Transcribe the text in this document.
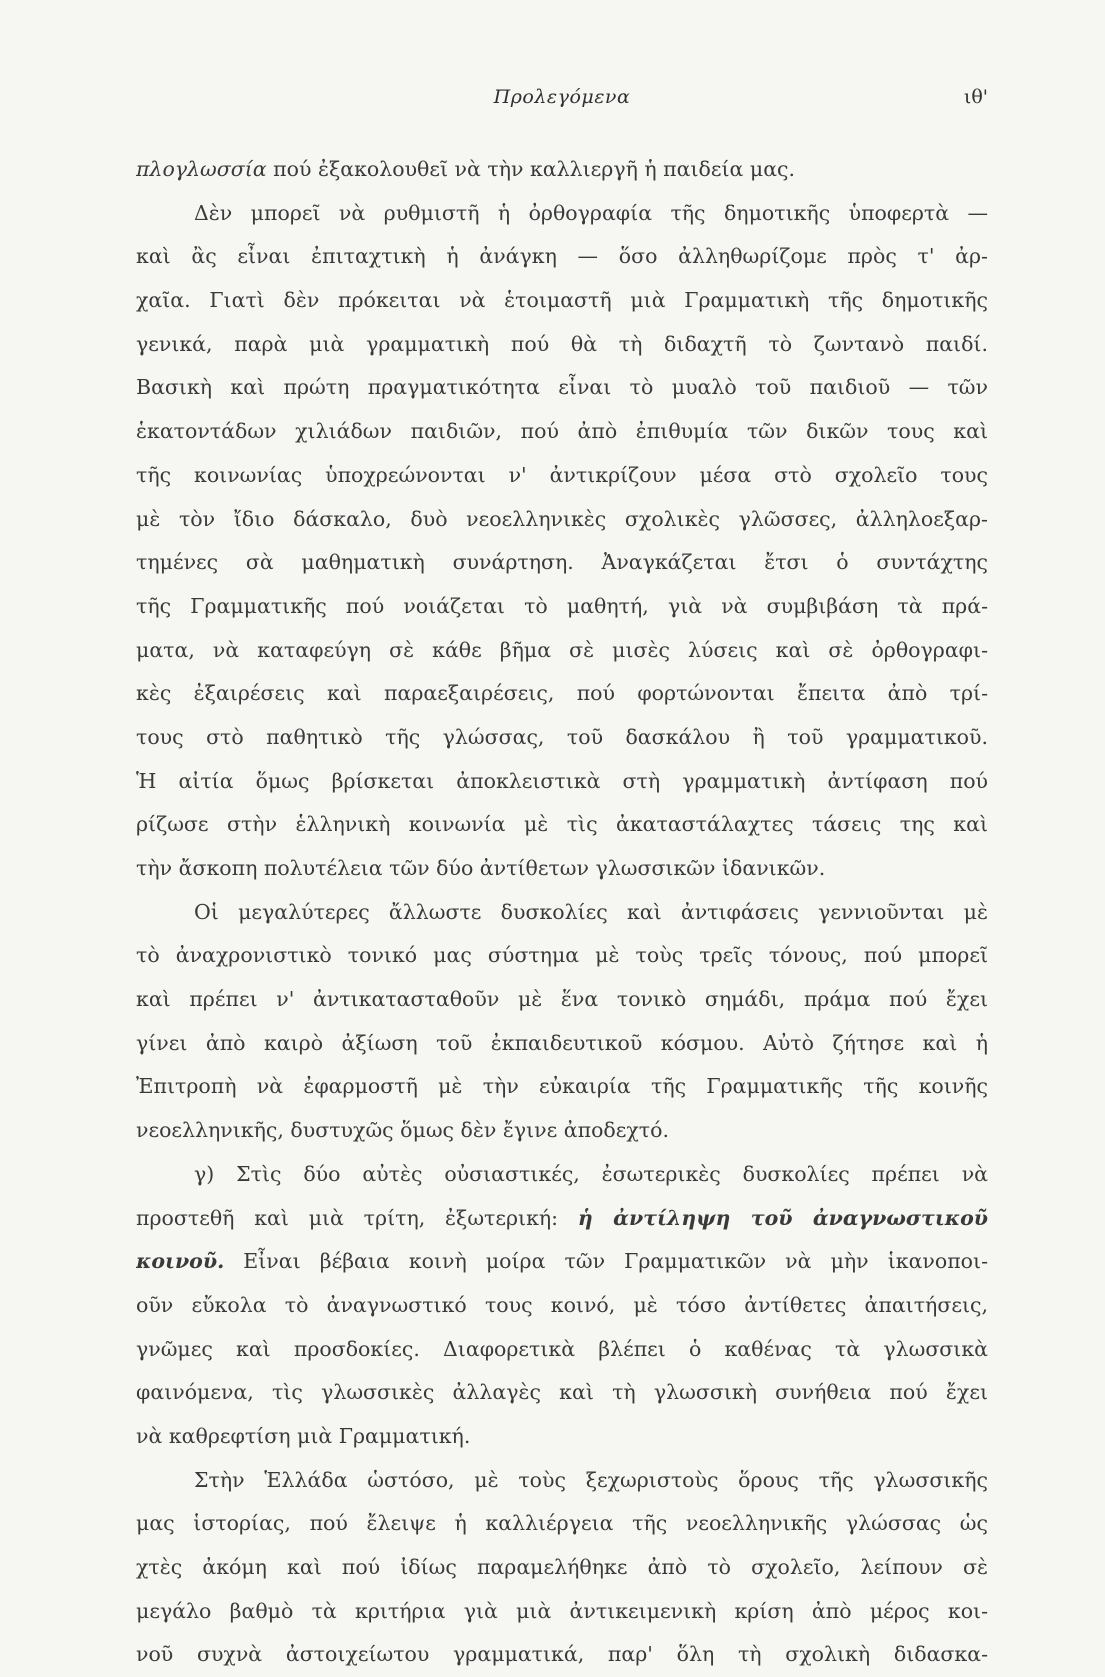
Προλεγόμενα	ιθ'
πλογλωσσία πού ἐξακολουθεῖ νὰ τὴν καλλιεργῆ ἡ παιδεία μας.
Δὲν μπορεῖ νὰ ρυθμιστῆ ἡ ὀρθογραφία τῆς δημοτικῆς ὑποφερτὰ —
καὶ ἂς εἶναι ἐπιταχτικὴ ἡ ἀνάγκη — ὅσο ἀλληθωρίζομε πρὸς τ' ἀρ-
χαῖα. Γιατὶ δὲν πρόκειται νὰ ἑτοιμαστῆ μιὰ Γραμματικὴ τῆς δημοτικῆς
γενικά, παρὰ μιὰ γραμματικὴ πού θὰ τὴ διδαχτῆ τὸ ζωντανὸ παιδί.
Βασικὴ καὶ πρώτη πραγματικότητα εἶναι τὸ μυαλὸ τοῦ παιδιοῦ — τῶν
ἑκατοντάδων χιλιάδων παιδιῶν, πού ἀπὸ ἐπιθυμία τῶν δικῶν τους καὶ
τῆς κοινωνίας ὑποχρεώνονται ν' ἀντικρίζουν μέσα στὸ σχολεῖο τους
μὲ τὸν ἴδιο δάσκαλο, δυὸ νεοελληνικὲς σχολικὲς γλῶσσες, ἀλληλοεξαρ-
τημένες σὰ μαθηματικὴ συνάρτηση. Ἀναγκάζεται ἔτσι ὁ συντάχτης
τῆς Γραμματικῆς πού νοιάζεται τὸ μαθητή, γιὰ νὰ συμβιβάση τὰ πρά-
ματα, νὰ καταφεύγη σὲ κάθε βῆμα σὲ μισὲς λύσεις καὶ σὲ ὀρθογραφι-
κὲς ἐξαιρέσεις καὶ παραεξαιρέσεις, πού φορτώνονται ἔπειτα ἀπὸ τρί-
τους στὸ παθητικὸ τῆς γλώσσας, τοῦ δασκάλου ἢ τοῦ γραμματικοῦ.
Ἡ αἰτία ὅμως βρίσκεται ἀποκλειστικὰ στὴ γραμματικὴ ἀντίφαση πού
ρίζωσε στὴν ἑλληνικὴ κοινωνία μὲ τὶς ἀκαταστάλαχτες τάσεις της καὶ
τὴν ἄσκοπη πολυτέλεια τῶν δύο ἀντίθετων γλωσσικῶν ἰδανικῶν.
Οἱ μεγαλύτερες ἄλλωστε δυσκολίες καὶ ἀντιφάσεις γεννιοῦνται μὲ
τὸ ἀναχρονιστικὸ τονικό μας σύστημα μὲ τοὺς τρεῖς τόνους, πού μπορεῖ
καὶ πρέπει ν' ἀντικατασταθοῦν μὲ ἕνα τονικὸ σημάδι, πράμα πού ἔχει
γίνει ἀπὸ καιρὸ ἀξίωση τοῦ ἐκπαιδευτικοῦ κόσμου. Αὐτὸ ζήτησε καὶ ἡ
Ἐπιτροπὴ νὰ ἐφαρμοστῆ μὲ τὴν εὐκαιρία τῆς Γραμματικῆς τῆς κοινῆς
νεοελληνικῆς, δυστυχῶς ὅμως δὲν ἔγινε ἀποδεχτό.
γ) Στὶς δύο αὐτὲς οὐσιαστικές, ἐσωτερικὲς δυσκολίες πρέπει νὰ
προστεθῆ καὶ μιὰ τρίτη, ἐξωτερική: ἡ ἀντίληψη τοῦ ἀναγνωστικοῦ
κοινοῦ. Εἶναι βέβαια κοινὴ μοίρα τῶν Γραμματικῶν νὰ μὴν ἱκανοποι-
οῦν εὔκολα τὸ ἀναγνωστικό τους κοινό, μὲ τόσο ἀντίθετες ἀπαιτήσεις,
γνῶμες καὶ προσδοκίες. Διαφορετικὰ βλέπει ὁ καθένας τὰ γλωσσικὰ
φαινόμενα, τὶς γλωσσικὲς ἀλλαγὲς καὶ τὴ γλωσσικὴ συνήθεια πού ἔχει
νὰ καθρεφτίση μιὰ Γραμματική.
Στὴν Ἑλλάδα ὡστόσο, μὲ τοὺς ξεχωριστοὺς ὅρους τῆς γλωσσικῆς
μας ἱστορίας, πού ἔλειψε ἡ καλλιέργεια τῆς νεοελληνικῆς γλώσσας ὡς
χτὲς ἀκόμη καὶ πού ἰδίως παραμελήθηκε ἀπὸ τὸ σχολεῖο, λείπουν σὲ
μεγάλο βαθμὸ τὰ κριτήρια γιὰ μιὰ ἀντικειμενικὴ κρίση ἀπὸ μέρος κοι-
νοῦ συχνὰ ἀστοιχείωτου γραμματικά, παρ' ὅλη τὴ σχολικὴ διδασκα-
